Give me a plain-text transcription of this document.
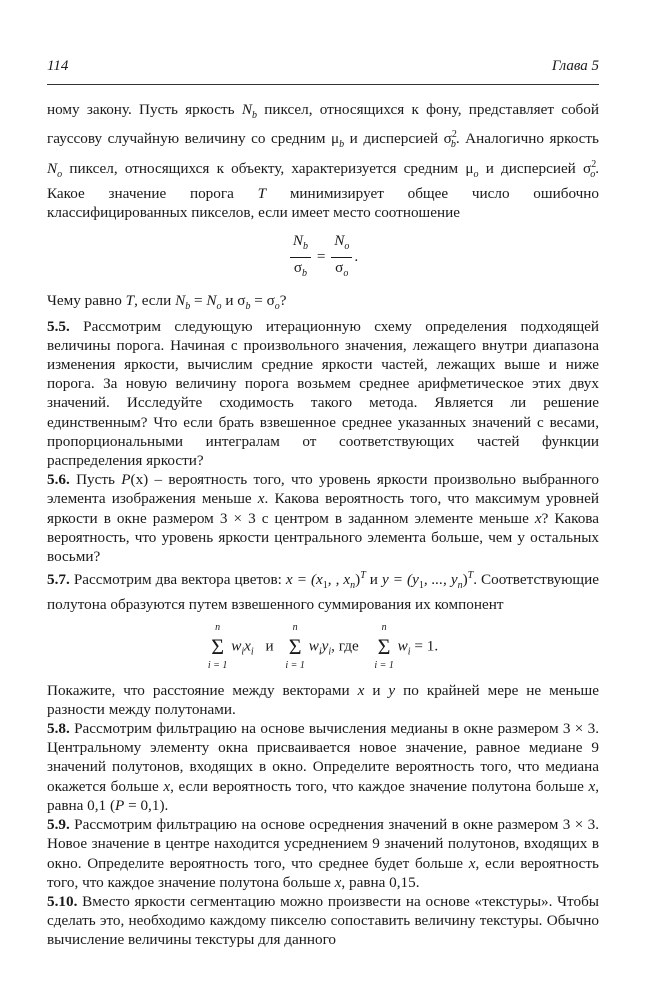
114	Глава 5

ному закону. Пусть яркость $N_b$ пиксел, относящихся к фону, представляет собой гауссову случайную величину со средним $\mu_b$ и дисперсией $\sigma^2_b$. Аналогично яркость $N_o$ пиксел, относящихся к объекту, характеризуется средним $\mu_o$ и дисперсией $\sigma^2_o$. Какое значение порога T минимизирует общее число ошибочно классифицированных пикселов, если имеет место соотношение

$\frac{N_b}{\sigma_b} = \frac{N_o}{\sigma_o}$ .

Чему равно T, если $N_b = N_o$ и $\sigma_b = \sigma_o$?

5.5. Рассмотрим следующую итерационную схему определения подходящей величины порога. Начиная с произвольного значения, лежащего внутри диапазона изменения яркости, вычислим средние яркости частей, лежащих выше и ниже порога. За новую величину порога возьмем среднее арифметическое этих двух значений. Исследуйте сходимость такого метода. Является ли решение единственным? Что если брать взвешенное среднее указанных значений с весами, пропорциональными интегралам от соответствующих частей функции распределения яркости?

5.6. Пусть P(x) – вероятность того, что уровень яркости произвольно выбранного элемента изображения меньше x. Какова вероятность того, что максимум уровней яркости в окне размером 3 × 3 с центром в заданном элементе меньше x? Какова вероятность, что уровень яркости центрального элемента больше, чем у остальных восьми?

5.7. Рассмотрим два вектора цветов: $x = (x_1$, , $x_n)^T$ и $y = (y_1$, ..., $y_n)^T$. Соответствующие полутона образуются путем взвешенного суммирования их компонент

n
Σ
i = 1
$w_ix_i$ и
n
Σ
i = 1
$w_iy_i$, где
n
Σ
i = 1
$w_i = 1$.

Покажите, что расстояние между векторами x и y по крайней мере не меньше разности между полутонами.

5.8. Рассмотрим фильтрацию на основе вычисления медианы в окне размером 3 × 3. Центральному элементу окна присваивается новое значение, равное медиане 9 значений полутонов, входящих в окно. Определите вероятность того, что медиана окажется больше x, если вероятность того, что каждое значение полутона больше x, равна 0,1 (P = 0,1).

5.9. Рассмотрим фильтрацию на основе осреднения значений в окне размером 3 × 3. Новое значение в центре находится усреднением 9 значений полутонов, входящих в окно. Определите вероятность того, что среднее будет больше x, если вероятность того, что каждое значение полутона больше x, равна 0,15.

5.10. Вместо яркости сегментацию можно произвести на основе «текстуры». Чтобы сделать это, необходимо каждому пикселю сопоставить величину текстуры. Обычно вычисление величины текстуры для данного
